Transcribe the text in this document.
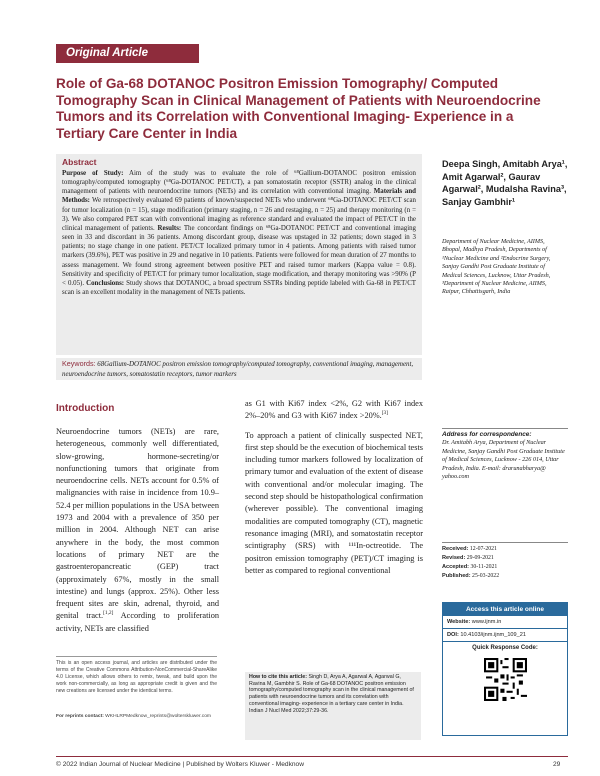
Original Article
Role of Ga-68 DOTANOC Positron Emission Tomography/ Computed Tomography Scan in Clinical Management of Patients with Neuroendocrine Tumors and its Correlation with Conventional Imaging- Experience in a Tertiary Care Center in India
Abstract

Purpose of Study: Aim of the study was to evaluate the role of ⁶⁸Gallium-DOTANOC positron emission tomography/computed tomography (⁶⁸Ga-DOTANOC PET/CT), a pan somatostatin receptor (SSTR) analog in the clinical management of patients with neuroendocrine tumors (NETs) and its correlation with conventional imaging. Materials and Methods: We retrospectively evaluated 69 patients of known/suspected NETs who underwent ⁶⁸Ga-DOTANOC PET/CT scan for tumor localization (n = 15), stage modification (primary staging, n = 26 and restaging, n = 25) and therapy monitoring (n = 3). We also compared PET scan with conventional imaging as reference standard and evaluated the impact of PET/CT in the clinical management of patients. Results: The concordant findings on ⁶⁸Ga-DOTANOC PET/CT and conventional imaging seen in 33 and discordant in 36 patients. Among discordant group, disease was upstaged in 32 patients; down staged in 3 patients; no stage change in one patient. PET/CT localized primary tumor in 4 patients. Among patients with raised tumor markers (39.6%), PET was positive in 29 and negative in 10 patients. Patients were followed for mean duration of 27 months to assess management. We found strong agreement between positive PET and raised tumor markers (Kappa value = 0.8). Sensitivity and specificity of PET/CT for primary tumor localization, stage modification, and therapy monitoring was >90% (P < 0.05). Conclusions: Study shows that DOTANOC, a broad spectrum SSTRs binding peptide labeled with Ga-68 in PET/CT scan is an excellent modality in the management of NETs patients.

Keywords: 68Gallium-DOTANOC positron emission tomography/computed tomography, conventional imaging, management, neuroendocrine tumors, somatostatin receptors, tumor markers
Deepa Singh, Amitabh Arya¹, Amit Agarwal², Gaurav Agarwal², Mudalsha Ravina³, Sanjay Gambhir¹
Department of Nuclear Medicine, AIIMS, Bhopal, Madhya Pradesh, Departments of ¹Nuclear Medicine and ²Endocrine Surgery, Sanjay Gandhi Post Graduate Institute of Medical Sciences, Lucknow, Uttar Pradesh, ³Department of Nuclear Medicine, AIIMS, Raipur, Chhattisgarh, India
Introduction

Neuroendocrine tumors (NETs) are rare, heterogeneous, commonly well differentiated, slow-growing, hormone-secreting/or nonfunctioning tumors that originate from neuroendocrine cells. NETs account for 0.5% of malignancies with raise in incidence from 10.9–52.4 per million populations in the USA between 1973 and 2004 with a prevalence of 350 per million in 2004. Although NET can arise anywhere in the body, the most common locations of primary NET are the gastroenteropancreatic (GEP) tract (approximately 67%, mostly in the small intestine) and lungs (approx. 25%). Other less frequent sites are skin, adrenal, thyroid, and genital tract.[1,2] According to proliferation activity, NETs are classified

as G1 with Ki67 index <2%, G2 with Ki67 index 2%–20% and G3 with Ki67 index >20%.[3]

To approach a patient of clinically suspected NET, first step should be the execution of biochemical tests including tumor markers followed by localization of primary tumor and evaluation of the extent of disease with conventional and/or molecular imaging. The second step should be histopathological confirmation (wherever possible). The conventional imaging modalities are computed tomography (CT), magnetic resonance imaging (MRI), and somatostatin receptor scintigraphy (SRS) with ¹¹¹In-octreotide. The positron emission tomography (PET)/CT imaging is better as compared to regional conventional

This is an open access journal, and articles are distributed under the terms of the Creative Commons Attribution-NonCommercial-ShareAlike 4.0 License, which allows others to remix, tweak, and build upon the work non-commercially, as long as appropriate credit is given and the new creations are licensed under the identical terms.
For reprints contact: WKHLRPMedknow_reprints@wolterskluwer.com
How to cite this article: Singh D, Arya A, Agarwal A, Agarwal G, Ravina M, Gambhir S. Role of Ga-68 DOTANOC positron emission tomography/computed tomography scan in the clinical management of patients with neuroendocrine tumors and its correlation with conventional imaging- experience in a tertiary care center in India. Indian J Nucl Med 2022;37:29-36.
Address for correspondence:
Dr. Amitabh Arya, Department of Nuclear Medicine, Sanjay Gandhi Post Graduate Institute of Medical Sciences, Lucknow - 226 014, Uttar Pradesh, India. E-mail: drarunabharya@ yahoo.com
Received: 12-07-2021
Revised: 29-09-2021
Accepted: 30-11-2021
Published: 25-03-2022
Access this article online
Website: www.ijnm.in
DOI: 10.4103/ijnm.ijnm_109_21
Quick Response Code:
© 2022 Indian Journal of Nuclear Medicine | Published by Wolters Kluwer - Medknow	29
